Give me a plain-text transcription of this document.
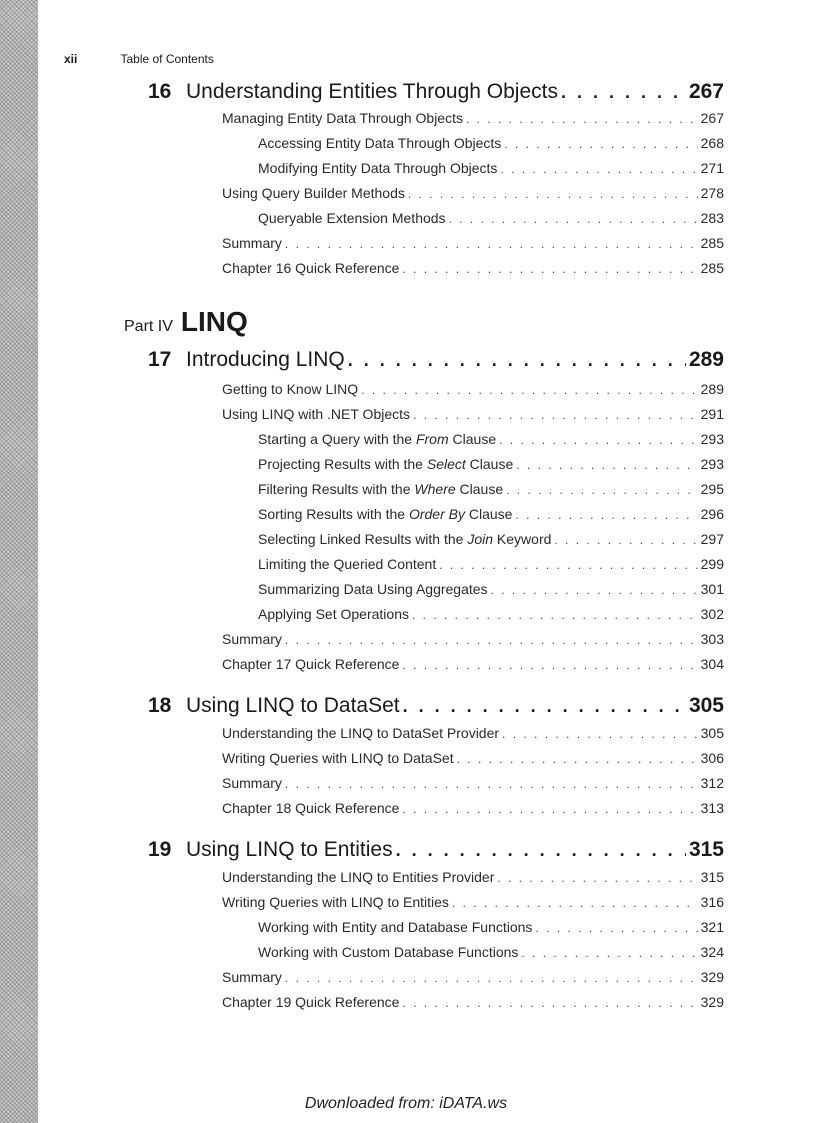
xii	Table of Contents
16 Understanding Entities Through Objects . . .	267
Managing Entity Data Through Objects . . .	267
Accessing Entity Data Through Objects . . .	268
Modifying Entity Data Through Objects . . .	271
Using Query Builder Methods . . .	278
Queryable Extension Methods . . .	283
Summary . . .	285
Chapter 16 Quick Reference . . .	285
Part IV LINQ
17 Introducing LINQ . . .	289
Getting to Know LINQ . . .	289
Using LINQ with .NET Objects . . .	291
Starting a Query with the From Clause . . .	293
Projecting Results with the Select Clause . . .	293
Filtering Results with the Where Clause . . .	295
Sorting Results with the Order By Clause . . .	296
Selecting Linked Results with the Join Keyword . . .	297
Limiting the Queried Content . . .	299
Summarizing Data Using Aggregates . . .	301
Applying Set Operations . . .	302
Summary . . .	303
Chapter 17 Quick Reference . . .	304
18 Using LINQ to DataSet . . .	305
Understanding the LINQ to DataSet Provider . . .	305
Writing Queries with LINQ to DataSet . . .	306
Summary . . .	312
Chapter 18 Quick Reference . . .	313
19 Using LINQ to Entities . . .	315
Understanding the LINQ to Entities Provider . . .	315
Writing Queries with LINQ to Entities . . .	316
Working with Entity and Database Functions . . .	321
Working with Custom Database Functions . . .	324
Summary . . .	329
Chapter 19 Quick Reference . . .	329
Dwonloaded from: iDATA.ws
